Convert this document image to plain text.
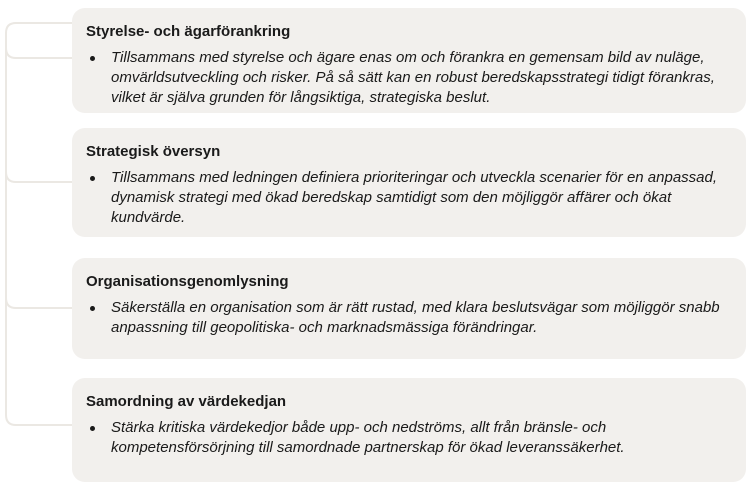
Styrelse- och ägarförankring
Tillsammans med styrelse och ägare enas om och förankra en gemensam bild av nuläge, omvärldsutveckling och risker. På så sätt kan en robust beredskapsstrategi tidigt förankras, vilket är själva grunden för långsiktiga, strategiska beslut.
Strategisk översyn
Tillsammans med ledningen definiera prioriteringar och utveckla scenarier för en anpassad, dynamisk strategi med ökad beredskap samtidigt som den möjliggör affärer och ökat kundvärde.
Organisationsgenomlysning
Säkerställa en organisation som är rätt rustad, med klara beslutsvägar som möjliggör snabb anpassning till geopolitiska- och marknadsmässiga förändringar.
Samordning av värdekedjan
Stärka kritiska värdekedjor både upp- och nedströms, allt från bränsle- och kompetensförsörjning till samordnade partnerskap för ökad leveranssäkerhet.
